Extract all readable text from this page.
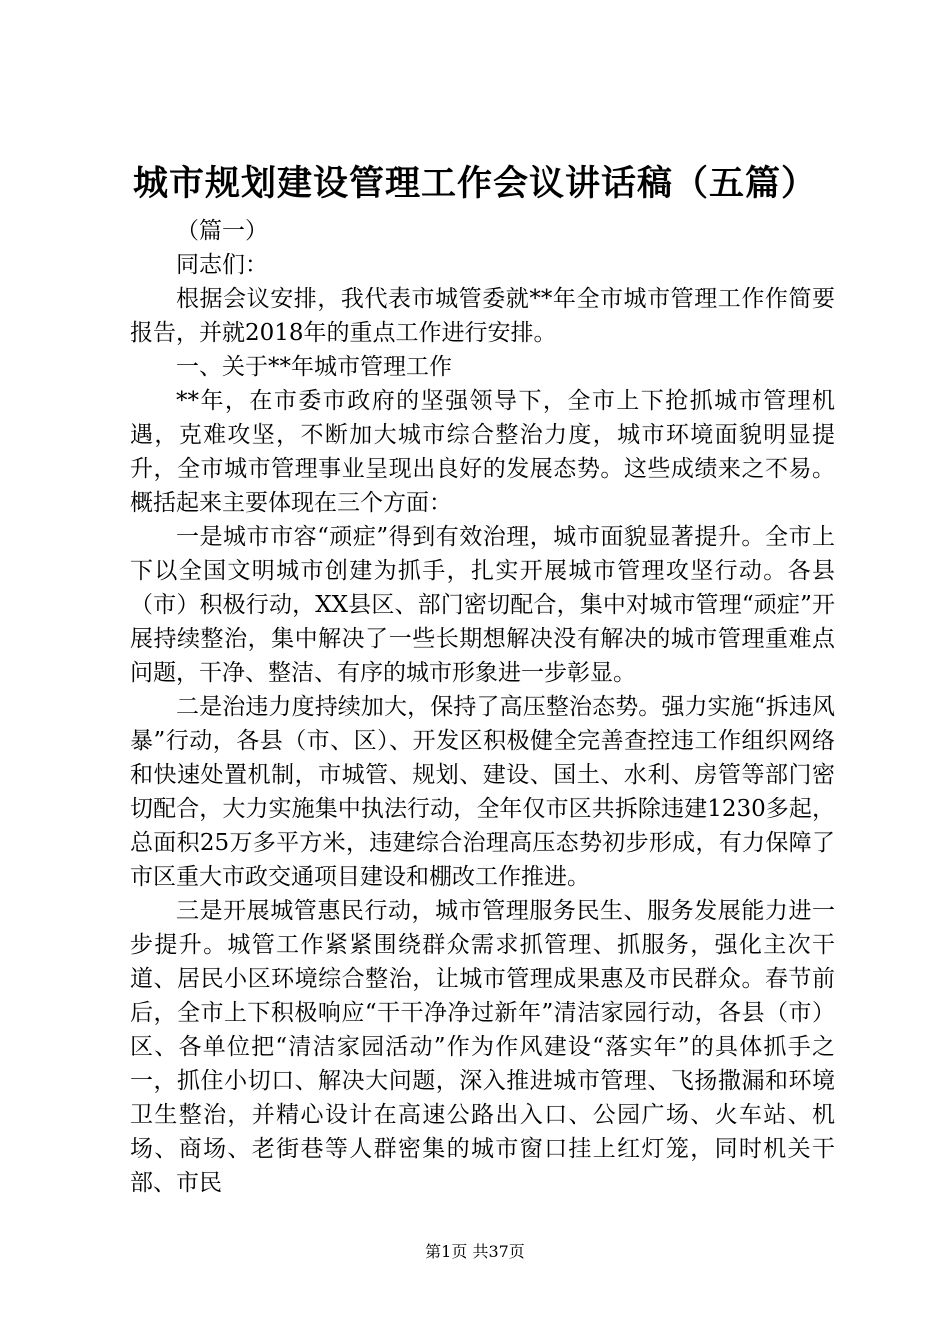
城市规划建设管理工作会议讲话稿（五篇）

（篇一）

同志们：

根据会议安排，我代表市城管委就**年全市城市管理工作作简要报告，并就2018年的重点工作进行安排。

一、关于**年城市管理工作

**年，在市委市政府的坚强领导下，全市上下抢抓城市管理机遇，克难攻坚，不断加大城市综合整治力度，城市环境面貌明显提升，全市城市管理事业呈现出良好的发展态势。这些成绩来之不易。概括起来主要体现在三个方面：

一是城市市容“顽症”得到有效治理，城市面貌显著提升。全市上下以全国文明城市创建为抓手，扎实开展城市管理攻坚行动。各县（市）积极行动，XX县区、部门密切配合，集中对城市管理“顽症”开展持续整治，集中解决了一些长期想解决没有解决的城市管理重难点问题，干净、整洁、有序的城市形象进一步彰显。

二是治违力度持续加大，保持了高压整治态势。强力实施“拆违风暴”行动，各县（市、区）、开发区积极健全完善查控违工作组织网络和快速处置机制，市城管、规划、建设、国土、水利、房管等部门密切配合，大力实施集中执法行动，全年仅市区共拆除违建1230多起，总面积25万多平方米，违建综合治理高压态势初步形成，有力保障了市区重大市政交通项目建设和棚改工作推进。

三是开展城管惠民行动，城市管理服务民生、服务发展能力进一步提升。城管工作紧紧围绕群众需求抓管理、抓服务，强化主次干道、居民小区环境综合整治，让城市管理成果惠及市民群众。春节前后，全市上下积极响应“干干净净过新年”清洁家园行动，各县（市）区、各单位把“清洁家园活动”作为作风建设“落实年”的具体抓手之一，抓住小切口、解决大问题，深入推进城市管理、飞扬撒漏和环境卫生整治，并精心设计在高速公路出入口、公园广场、火车站、机场、商场、老街巷等人群密集的城市窗口挂上红灯笼，同时机关干部、市民

第1页 共37页
